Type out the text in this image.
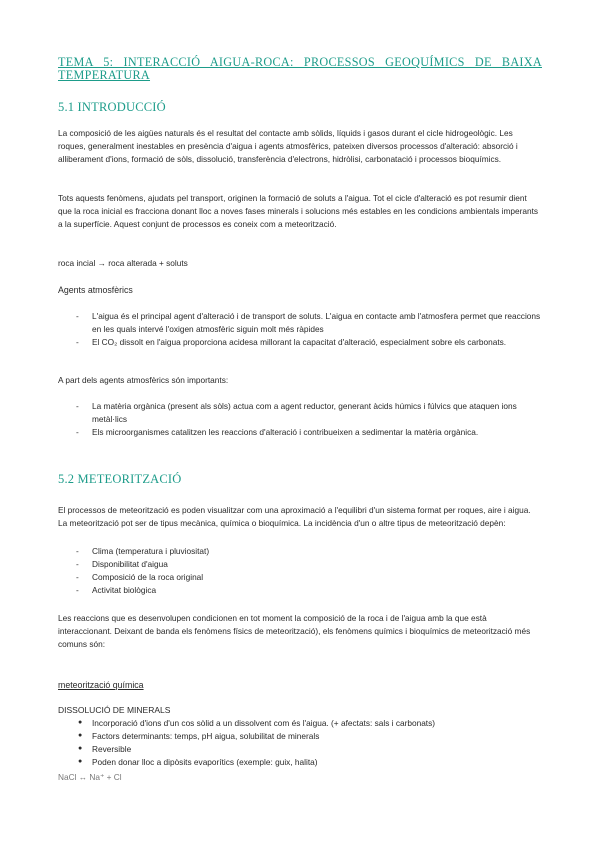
TEMA 5: INTERACCIÓ AIGUA-ROCA: PROCESSOS GEOQUÍMICS DE BAIXA
TEMPERATURA
5.1 INTRODUCCIÓ
La composició de les aigües naturals és el resultat del contacte amb sòlids, líquids i gasos durant el cicle hidrogeològic. Les roques, generalment inestables en presència d'aigua i agents atmosfèrics, pateixen diversos processos d'alteració: absorció i alliberament d'ions, formació de sòls, dissolució, transferència d'electrons, hidròlisi, carbonatació i processos bioquímics.
Tots aquests fenòmens, ajudats pel transport, originen la formació de soluts a l'aigua. Tot el cicle d'alteració es pot resumir dient que la roca inicial es fracciona donant lloc a noves fases minerals i solucions més estables en les condicions ambientals imperants a la superfície. Aquest conjunt de processos es coneix com a meteorització.
roca incial → roca alterada + soluts
Agents atmosfèrics
- L'aigua és el principal agent d'alteració i de transport de soluts. L'aigua en contacte amb l'atmosfera permet que reaccions en les quals intervé l'oxigen atmosfèric siguin molt més ràpides
- El CO₂ dissolt en l'aigua proporciona acidesa millorant la capacitat d'alteració, especialment sobre els carbonats.
A part dels agents atmosfèrics són importants:
- La matèria orgànica (present als sòls) actua com a agent reductor, generant àcids húmics i fúlvics que ataquen ions metàl·lics
- Els microorganismes catalitzen les reaccions d'alteració i contribueixen a sedimentar la matèria orgànica.
5.2 METEORITZACIÓ
El processos de meteorització es poden visualitzar com una aproximació a l'equilibri d'un sistema format per roques, aire i aigua. La meteorització pot ser de tipus mecànica, química o bioquímica. La incidència d'un o altre tipus de meteorització depèn:
- Clima (temperatura i pluviositat)
- Disponibilitat d'aigua
- Composició de la roca original
- Activitat biològica
Les reaccions que es desenvolupen condicionen en tot moment la composició de la roca i de l'aigua amb la que està interaccionant. Deixant de banda els fenòmens físics de meteorització), els fenòmens químics i bioquímics de meteorització més comuns són:
meteorització química
DISSOLUCIÓ DE MINERALS
● Incorporació d'ions d'un cos sòlid a un dissolvent com és l'aigua. (+ afectats: sals i carbonats)
● Factors determinants: temps, pH aigua, solubilitat de minerals
● Reversible
● Poden donar lloc a dipòsits evaporítics (exemple: guix, halita)
NaCl ↔ Na⁺ + Cl
